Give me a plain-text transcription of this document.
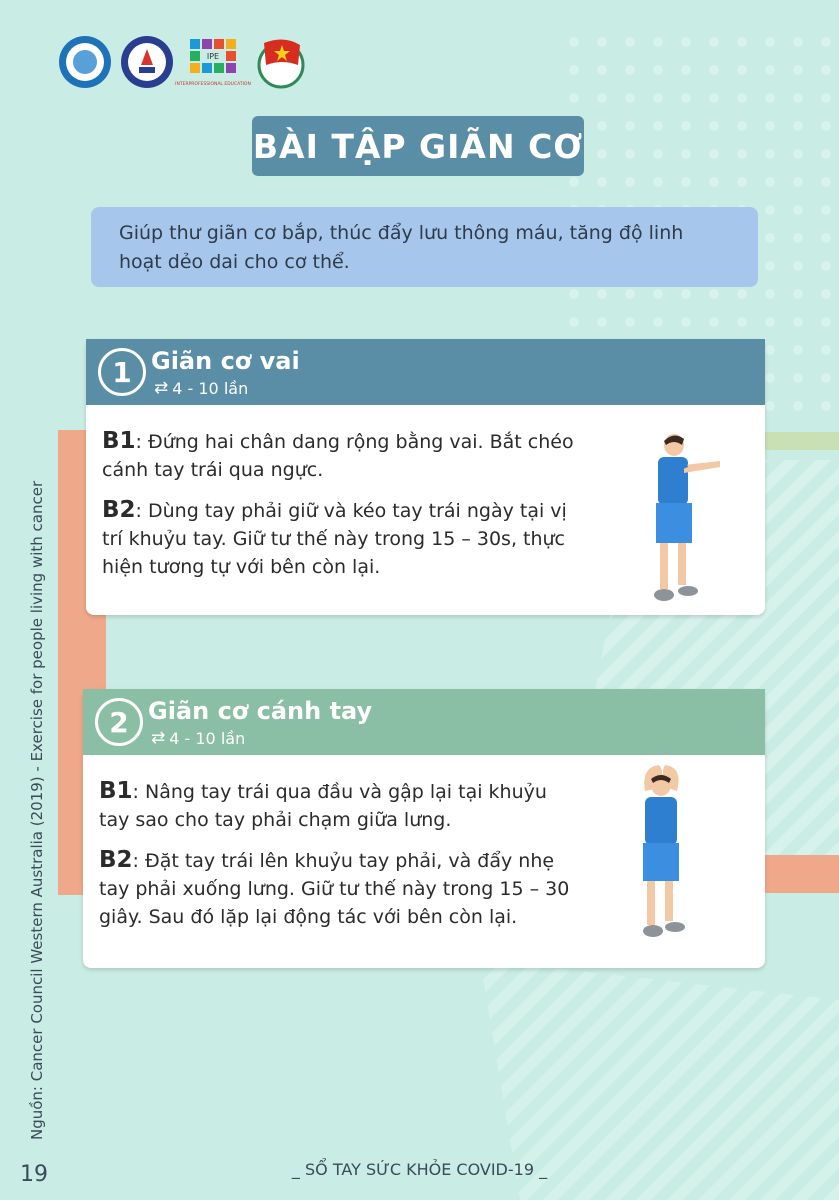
IPE
INTERPROFESSIONAL EDUCATION
BÀI TẬP GIÃN CƠ
Giúp thư giãn cơ bắp, thúc đẩy lưu thông máu, tăng độ linh hoạt dẻo dai cho cơ thể.
1 Giãn cơ vai
⇄ 4 - 10 lần
B1: Đứng hai chân dang rộng bằng vai. Bắt chéo cánh tay trái qua ngực.
B2: Dùng tay phải giữ và kéo tay trái ngày tại vị trí khuỷu tay. Giữ tư thế này trong 15 – 30s, thực hiện tương tự với bên còn lại.
2 Giãn cơ cánh tay
⇄ 4 - 10 lần
B1: Nâng tay trái qua đầu và gập lại tại khuỷu tay sao cho tay phải chạm giữa lưng.
B2: Đặt tay trái lên khuỷu tay phải, và đẩy nhẹ tay phải xuống lưng. Giữ tư thế này trong 15 – 30 giây. Sau đó lặp lại động tác với bên còn lại.
Nguồn: Cancer Council Western Australia (2019) - Exercise for people living with cancer
19	_ SỔ TAY SỨC KHỎE COVID-19 _
